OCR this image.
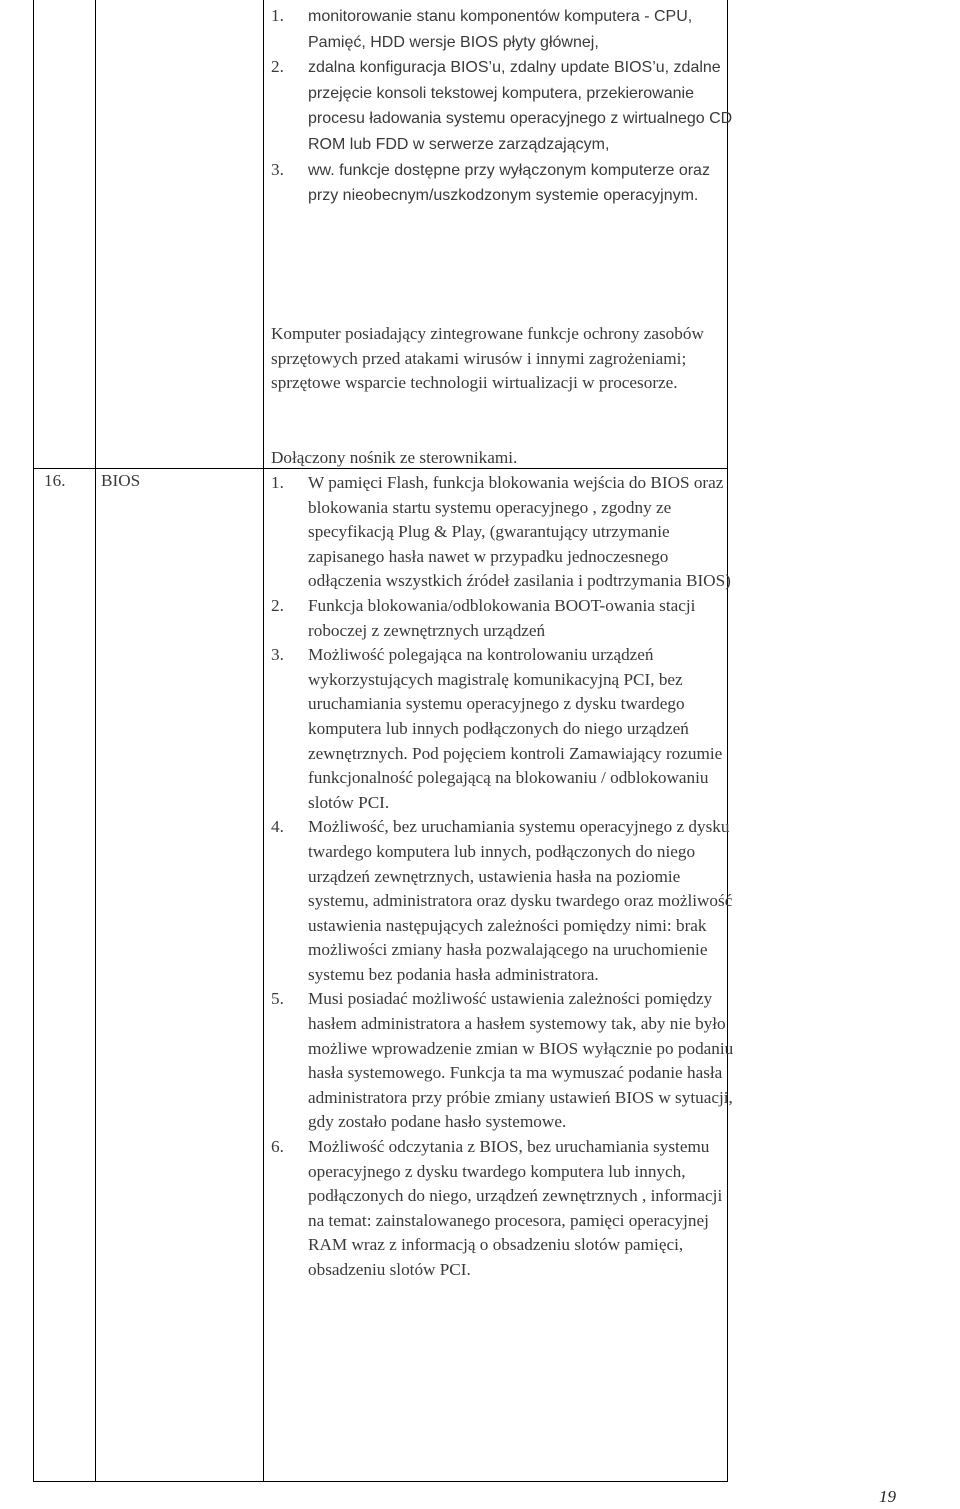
1. monitorowanie stanu komponentów komputera - CPU, Pamięć, HDD wersje BIOS płyty głównej,
2. zdalna konfiguracja BIOS’u, zdalny update BIOS’u, zdalne przejęcie konsoli tekstowej komputera, przekierowanie procesu ładowania systemu operacyjnego z wirtualnego CD ROM lub FDD w serwerze zarządzającym,
3. ww. funkcje dostępne przy wyłączonym komputerze oraz przy nieobecnym/uszkodzonym systemie operacyjnym.

Komputer posiadający zintegrowane funkcje ochrony zasobów sprzętowych przed atakami wirusów i innymi zagrożeniami; sprzętowe wsparcie technologii wirtualizacji w procesorze.

Dołączony nośnik ze sterownikami.

16. BIOS	1. W pamięci Flash, funkcja blokowania wejścia do BIOS oraz blokowania startu systemu operacyjnego , zgodny ze specyfikacją Plug & Play, (gwarantujący utrzymanie zapisanego hasła nawet w przypadku jednoczesnego odłączenia wszystkich źródeł zasilania i podtrzymania BIOS)
2. Funkcja blokowania/odblokowania BOOT-owania stacji roboczej z zewnętrznych urządzeń
3. Możliwość polegająca na kontrolowaniu urządzeń wykorzystujących magistralę komunikacyjną PCI, bez uruchamiania systemu operacyjnego z dysku twardego komputera lub innych podłączonych do niego urządzeń zewnętrznych. Pod pojęciem kontroli Zamawiający rozumie funkcjonalność polegającą na blokowaniu / odblokowaniu slotów PCI.
4. Możliwość, bez uruchamiania systemu operacyjnego z dysku twardego komputera lub innych, podłączonych do niego urządzeń zewnętrznych, ustawienia hasła na poziomie systemu, administratora oraz dysku twardego oraz możliwość ustawienia następujących zależności pomiędzy nimi: brak możliwości zmiany hasła pozwalającego na uruchomienie systemu bez podania hasła administratora.
5. Musi posiadać możliwość ustawienia zależności pomiędzy hasłem administratora a hasłem systemowy tak, aby nie było możliwe wprowadzenie zmian w BIOS wyłącznie po podaniu hasła systemowego. Funkcja ta ma wymuszać podanie hasła administratora przy próbie zmiany ustawień BIOS w sytuacji, gdy zostało podane hasło systemowe.
6. Możliwość odczytania z BIOS, bez uruchamiania systemu operacyjnego z dysku twardego komputera lub innych, podłączonych do niego, urządzeń zewnętrznych , informacji na temat: zainstalowanego procesora, pamięci operacyjnej RAM wraz z informacją o obsadzeniu slotów pamięci, obsadzeniu slotów PCI.
19
